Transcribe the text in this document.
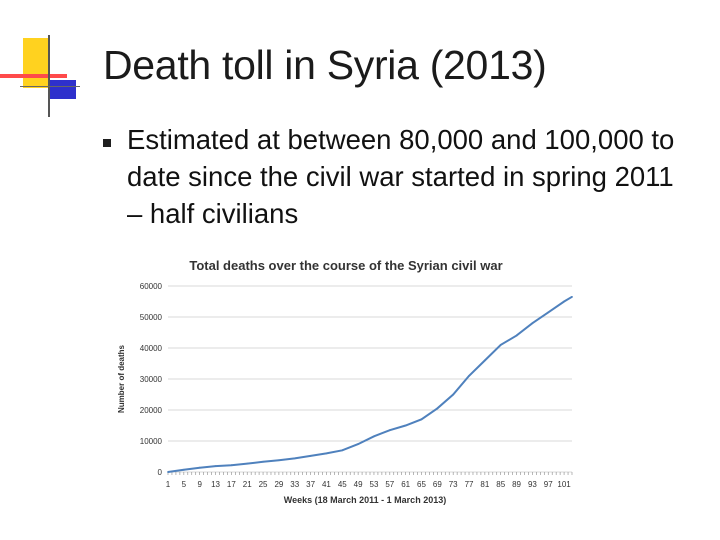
Death toll in Syria (2013)
Estimated at between 80,000 and 100,000 to date since the civil war started in spring 2011 – half civilians
Total deaths over the course of the Syrian civil war
0
10000
20000
30000
40000
50000
60000
1 5 9 13 17 21 25 29 33 37 41 45 49 53 57 61 65 69 73 77 81 85 89 93 97 101
Number of deaths
Weeks (18 March 2011 - 1 March 2013)
